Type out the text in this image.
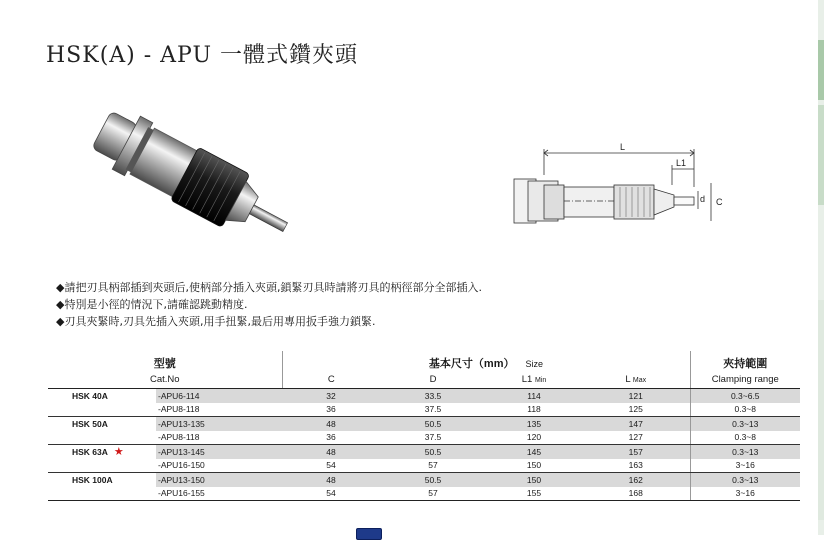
HSK(A) - APU 一體式鑽夾頭
L
L1
d C
◆請把刃具柄部插到夾頭后,使柄部分插入夾頭,鎖緊刃具時請將刃具的柄徑部分全部插入.
◆特別是小徑的情況下,請確認跳動精度.
◆刃具夾緊時,刃具先插入夾頭,用手扭緊,最后用專用扳手強力鎖緊.
型號		基本尺寸（mm） Size				夾持範圍
Cat.No		C	D	L1 Min	L Max	Clamping range
HSK 40A	-APU6-114	32	33.5	114	121	0.3~6.5
	-APU8-118	36	37.5	118	125	0.3~8
HSK 50A	-APU13-135	48	50.5	135	147	0.3~13
	-APU8-118	36	37.5	120	127	0.3~8
HSK 63A ★	-APU13-145	48	50.5	145	157	0.3~13
	-APU16-150	54	57	150	163	3~16
HSK 100A	-APU13-150	48	50.5	150	162	0.3~13
	-APU16-155	54	57	155	168	3~16
